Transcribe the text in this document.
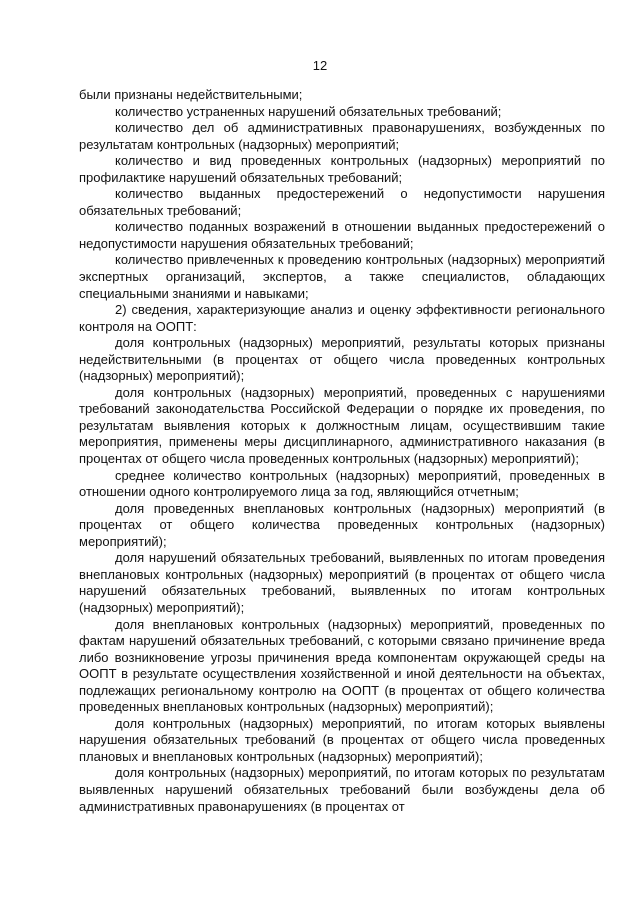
12

были признаны недействительными;

количество устраненных нарушений обязательных требований;

количество дел об административных правонарушениях, возбужденных по результатам контрольных (надзорных) мероприятий;

количество и вид проведенных контрольных (надзорных) мероприятий по профилактике нарушений обязательных требований;

количество выданных предостережений о недопустимости нарушения обязательных требований;

количество поданных возражений в отношении выданных предостережений о недопустимости нарушения обязательных требований;

количество привлеченных к проведению контрольных (надзорных) мероприятий экспертных организаций, экспертов, а также специалистов, обладающих специальными знаниями и навыками;

2) сведения, характеризующие анализ и оценку эффективности регионального контроля на ООПТ:

доля контрольных (надзорных) мероприятий, результаты которых признаны недействительными (в процентах от общего числа проведенных контрольных (надзорных) мероприятий);

доля контрольных (надзорных) мероприятий, проведенных с нарушениями требований законодательства Российской Федерации о порядке их проведения, по результатам выявления которых к должностным лицам, осуществившим такие мероприятия, применены меры дисциплинарного, административного наказания (в процентах от общего числа проведенных контрольных (надзорных) мероприятий);

среднее количество контрольных (надзорных) мероприятий, проведенных в отношении одного контролируемого лица за год, являющийся отчетным;

доля проведенных внеплановых контрольных (надзорных) мероприятий (в процентах от общего количества проведенных контрольных (надзорных) мероприятий);

доля нарушений обязательных требований, выявленных по итогам проведения внеплановых контрольных (надзорных) мероприятий (в процентах от общего числа нарушений обязательных требований, выявленных по итогам контрольных (надзорных) мероприятий);

доля внеплановых контрольных (надзорных) мероприятий, проведенных по фактам нарушений обязательных требований, с которыми связано причинение вреда либо возникновение угрозы причинения вреда компонентам окружающей среды на ООПТ в результате осуществления хозяйственной и иной деятельности на объектах, подлежащих региональному контролю на ООПТ (в процентах от общего количества проведенных внеплановых контрольных (надзорных) мероприятий);

доля контрольных (надзорных) мероприятий, по итогам которых выявлены нарушения обязательных требований (в процентах от общего числа проведенных плановых и внеплановых контрольных (надзорных) мероприятий);

доля контрольных (надзорных) мероприятий, по итогам которых по результатам выявленных нарушений обязательных требований были возбуждены дела об административных правонарушениях (в процентах от
